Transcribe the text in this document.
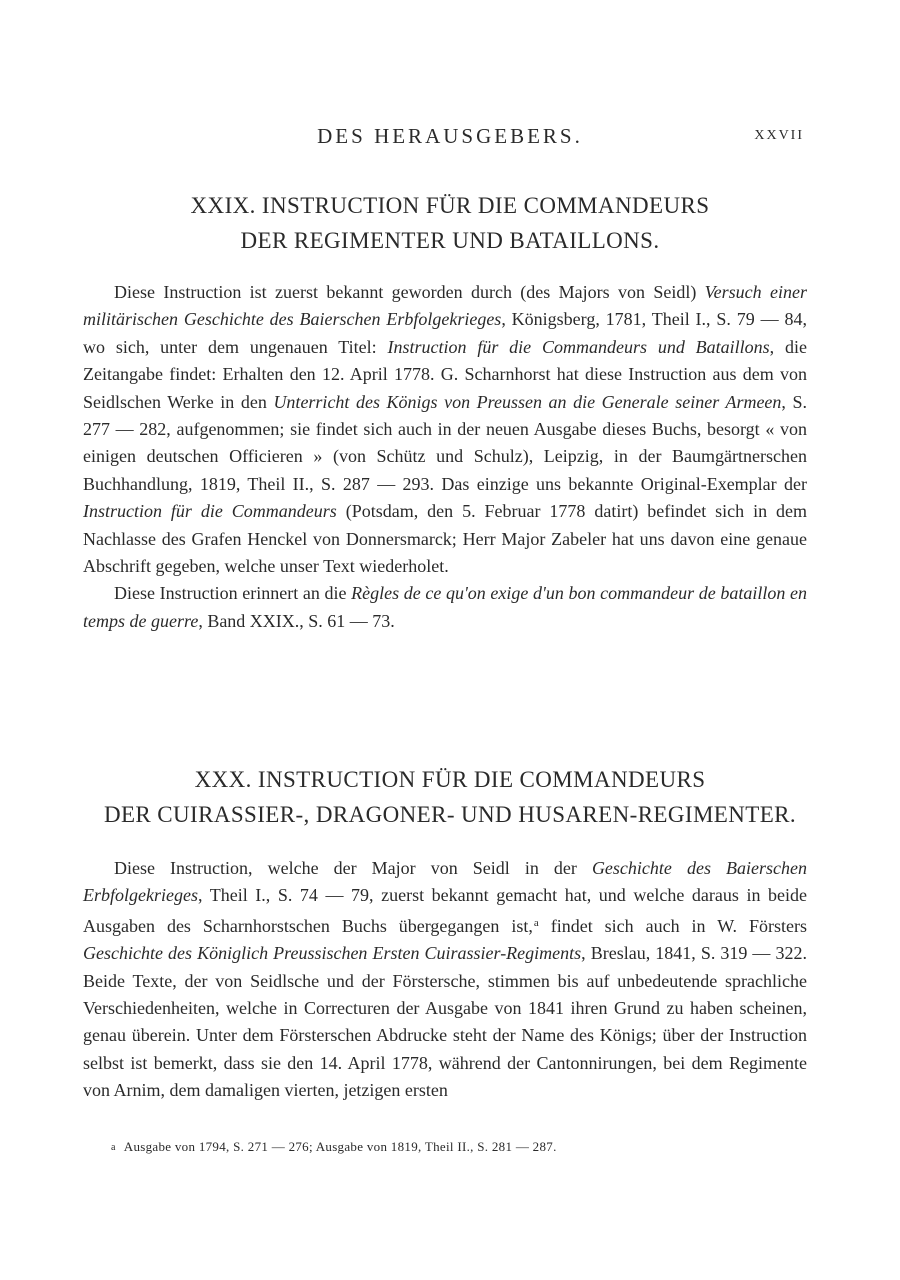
DES HERAUSGEBERS.	XXVII
XXIX. INSTRUCTION FÜR DIE COMMANDEURS
DER REGIMENTER UND BATAILLONS.

Diese Instruction ist zuerst bekannt geworden durch (des Majors von Seidl) Versuch einer militärischen Geschichte des Baierschen Erbfolgekrieges, Königsberg, 1781, Theil I., S. 79 — 84, wo sich, unter dem ungenauen Titel: Instruction für die Commandeurs und Bataillons, die Zeitangabe findet: Erhalten den 12. April 1778. G. Scharnhorst hat diese Instruction aus dem von Seidlschen Werke in den Unterricht des Königs von Preussen an die Generale seiner Armeen, S. 277 — 282, aufgenommen; sie findet sich auch in der neuen Ausgabe dieses Buchs, besorgt « von einigen deutschen Officieren » (von Schütz und Schulz), Leipzig, in der Baumgärtnerschen Buchhandlung, 1819, Theil II., S. 287 — 293. Das einzige uns bekannte Original-Exemplar der Instruction für die Commandeurs (Potsdam, den 5. Februar 1778 datirt) befindet sich in dem Nachlasse des Grafen Henckel von Donnersmarck; Herr Major Zabeler hat uns davon eine genaue Abschrift gegeben, welche unser Text wiederholet.

Diese Instruction erinnert an die Règles de ce qu'on exige d'un bon commandeur de bataillon en temps de guerre, Band XXIX., S. 61 — 73.

XXX. INSTRUCTION FÜR DIE COMMANDEURS
DER CUIRASSIER-, DRAGONER- UND HUSAREN-REGIMENTER.

Diese Instruction, welche der Major von Seidl in der Geschichte des Baierschen Erbfolgekrieges, Theil I., S. 74 — 79, zuerst bekannt gemacht hat, und welche daraus in beide Ausgaben des Scharnhorstschen Buchs übergegangen ist,$^a$ findet sich auch in W. Försters Geschichte des Königlich Preussischen Ersten Cuirassier-Regiments, Breslau, 1841, S. 319 — 322. Beide Texte, der von Seidlsche und der Förstersche, stimmen bis auf unbedeutende sprachliche Verschiedenheiten, welche in Correcturen der Ausgabe von 1841 ihren Grund zu haben scheinen, genau überein. Unter dem Försterschen Abdrucke steht der Name des Königs; über der Instruction selbst ist bemerkt, dass sie den 14. April 1778, während der Cantonnirungen, bei dem Regimente von Arnim, dem damaligen vierten, jetzigen ersten

a Ausgabe von 1794, S. 271 — 276; Ausgabe von 1819, Theil II., S. 281 — 287.
